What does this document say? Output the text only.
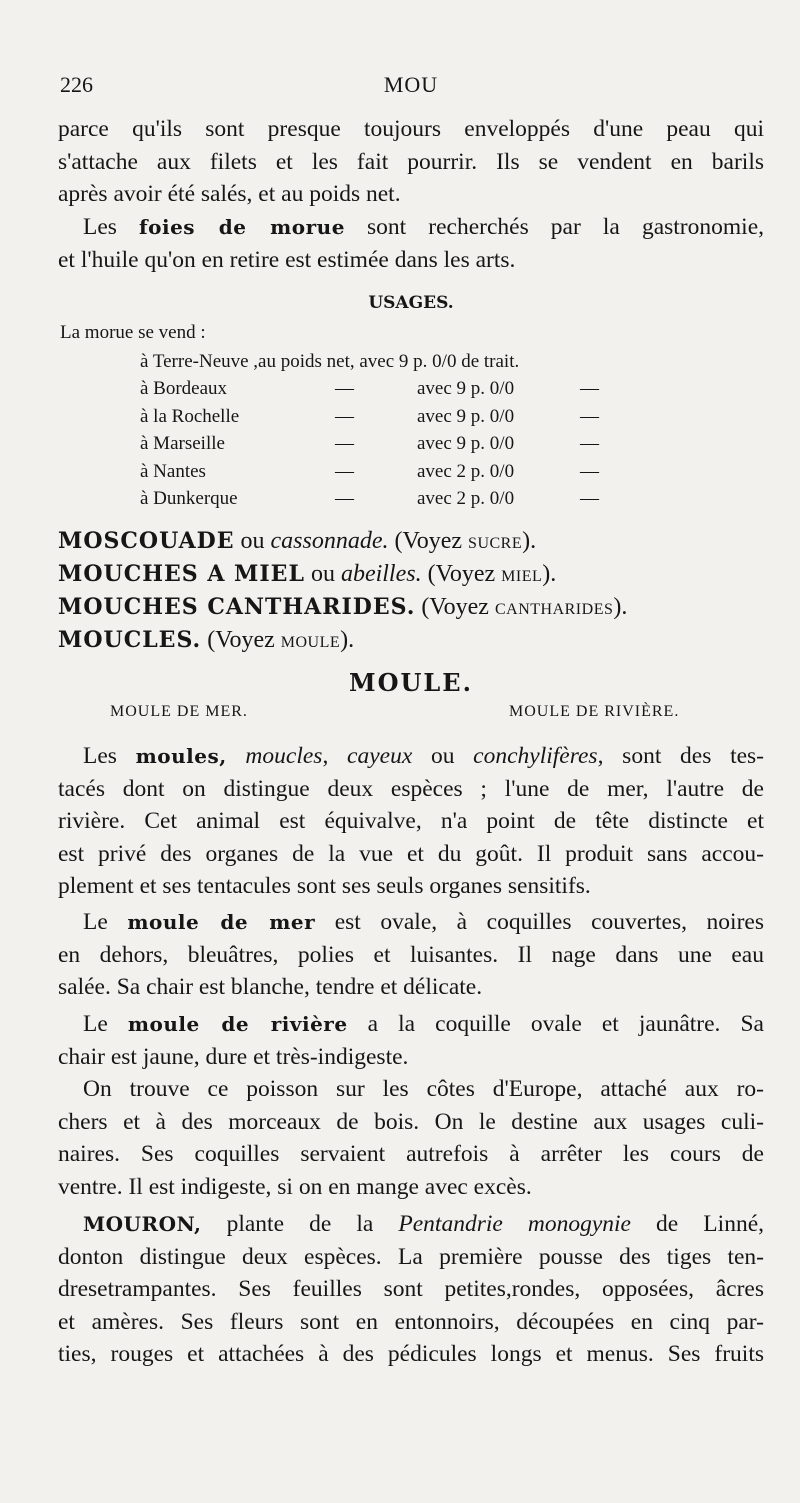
226	MOU

parce qu'ils sont presque toujours enveloppés d'une peau qui
s'attache aux filets et les fait pourrir. Ils se vendent en barils
après avoir été salés, et au poids net.

Les foies de morue sont recherchés par la gastronomie,
et l'huile qu'on en retire est estimée dans les arts.

USAGES.
La morue se vend :
à Terre-Neuve ,au poids net, avec 9 p. 0/0 de trait.
à Bordeaux	—	avec 9 p. 0/0	—
à la Rochelle	—	avec 9 p. 0/0	—
à Marseille	—	avec 9 p. 0/0	—
à Nantes	—	avec 2 p. 0/0	—
à Dunkerque	—	avec 2 p. 0/0	—
MOSCOUADE ou cassonnade. (Voyez SUCRE).
MOUCHES A MIEL ou abeilles. (Voyez MIEL).
MOUCHES CANTHARIDES. (Voyez CANTHARIDES).
MOUCLES. (Voyez MOULE).
MOULE.
MOULE DE MER.	MOULE DE RIVIÈRE.

Les moules, moucles, cayeux ou conchylifères, sont des tes-
tacés dont on distingue deux espèces ; l'une de mer, l'autre de
rivière. Cet animal est équivalve, n'a point de tête distincte et
est privé des organes de la vue et du goût. Il produit sans accou-
plement et ses tentacules sont ses seuls organes sensitifs.

Le moule de mer est ovale, à coquilles couvertes, noires
en dehors, bleuâtres, polies et luisantes. Il nage dans une eau
salée. Sa chair est blanche, tendre et délicate.

Le moule de rivière a la coquille ovale et jaunâtre. Sa
chair est jaune, dure et très-indigeste.

On trouve ce poisson sur les côtes d'Europe, attaché aux ro-
chers et à des morceaux de bois. On le destine aux usages culi-
naires. Ses coquilles servaient autrefois à arrêter les cours de
ventre. Il est indigeste, si on en mange avec excès.

MOURON, plante de la Pentandrie monogynie de Linné,
donton distingue deux espèces. La première pousse des tiges ten-
dresetrampantes. Ses feuilles sont petites,rondes, opposées, âcres
et amères. Ses fleurs sont en entonnoirs, découpées en cinq par-
ties, rouges et attachées à des pédicules longs et menus. Ses fruits
